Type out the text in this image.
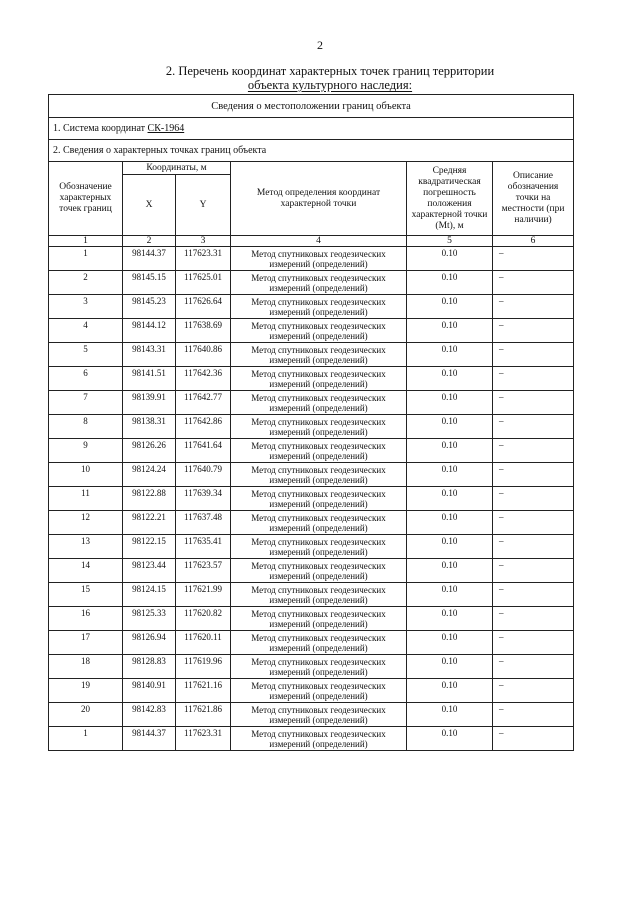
2
2. Перечень координат характерных точек границ территории
объекта культурного наследия:
Сведения о местоположении границ объекта					
1. Система координат СК-1964					
2. Сведения о характерных точках границ объекта					
Обозначение характерных точек границ	Координаты, м		Метод определения координат характерной точки	Средняя квадратическая погрешность положения характерной точки (Mt), м	Описание обозначения точки на местности (при наличии)
	X	Y			
1	2	3	4	5	6
1	98144.37	117623.31	Метод спутниковых геодезических измерений (определений)	0.10	–
2	98145.15	117625.01	Метод спутниковых геодезических измерений (определений)	0.10	–
3	98145.23	117626.64	Метод спутниковых геодезических измерений (определений)	0.10	–
4	98144.12	117638.69	Метод спутниковых геодезических измерений (определений)	0.10	–
5	98143.31	117640.86	Метод спутниковых геодезических измерений (определений)	0.10	–
6	98141.51	117642.36	Метод спутниковых геодезических измерений (определений)	0.10	–
7	98139.91	117642.77	Метод спутниковых геодезических измерений (определений)	0.10	–
8	98138.31	117642.86	Метод спутниковых геодезических измерений (определений)	0.10	–
9	98126.26	117641.64	Метод спутниковых геодезических измерений (определений)	0.10	–
10	98124.24	117640.79	Метод спутниковых геодезических измерений (определений)	0.10	–
11	98122.88	117639.34	Метод спутниковых геодезических измерений (определений)	0.10	–
12	98122.21	117637.48	Метод спутниковых геодезических измерений (определений)	0.10	–
13	98122.15	117635.41	Метод спутниковых геодезических измерений (определений)	0.10	–
14	98123.44	117623.57	Метод спутниковых геодезических измерений (определений)	0.10	–
15	98124.15	117621.99	Метод спутниковых геодезических измерений (определений)	0.10	–
16	98125.33	117620.82	Метод спутниковых геодезических измерений (определений)	0.10	–
17	98126.94	117620.11	Метод спутниковых геодезических измерений (определений)	0.10	–
18	98128.83	117619.96	Метод спутниковых геодезических измерений (определений)	0.10	–
19	98140.91	117621.16	Метод спутниковых геодезических измерений (определений)	0.10	–
20	98142.83	117621.86	Метод спутниковых геодезических измерений (определений)	0.10	–
1	98144.37	117623.31	Метод спутниковых геодезических измерений (определений)	0.10	–
